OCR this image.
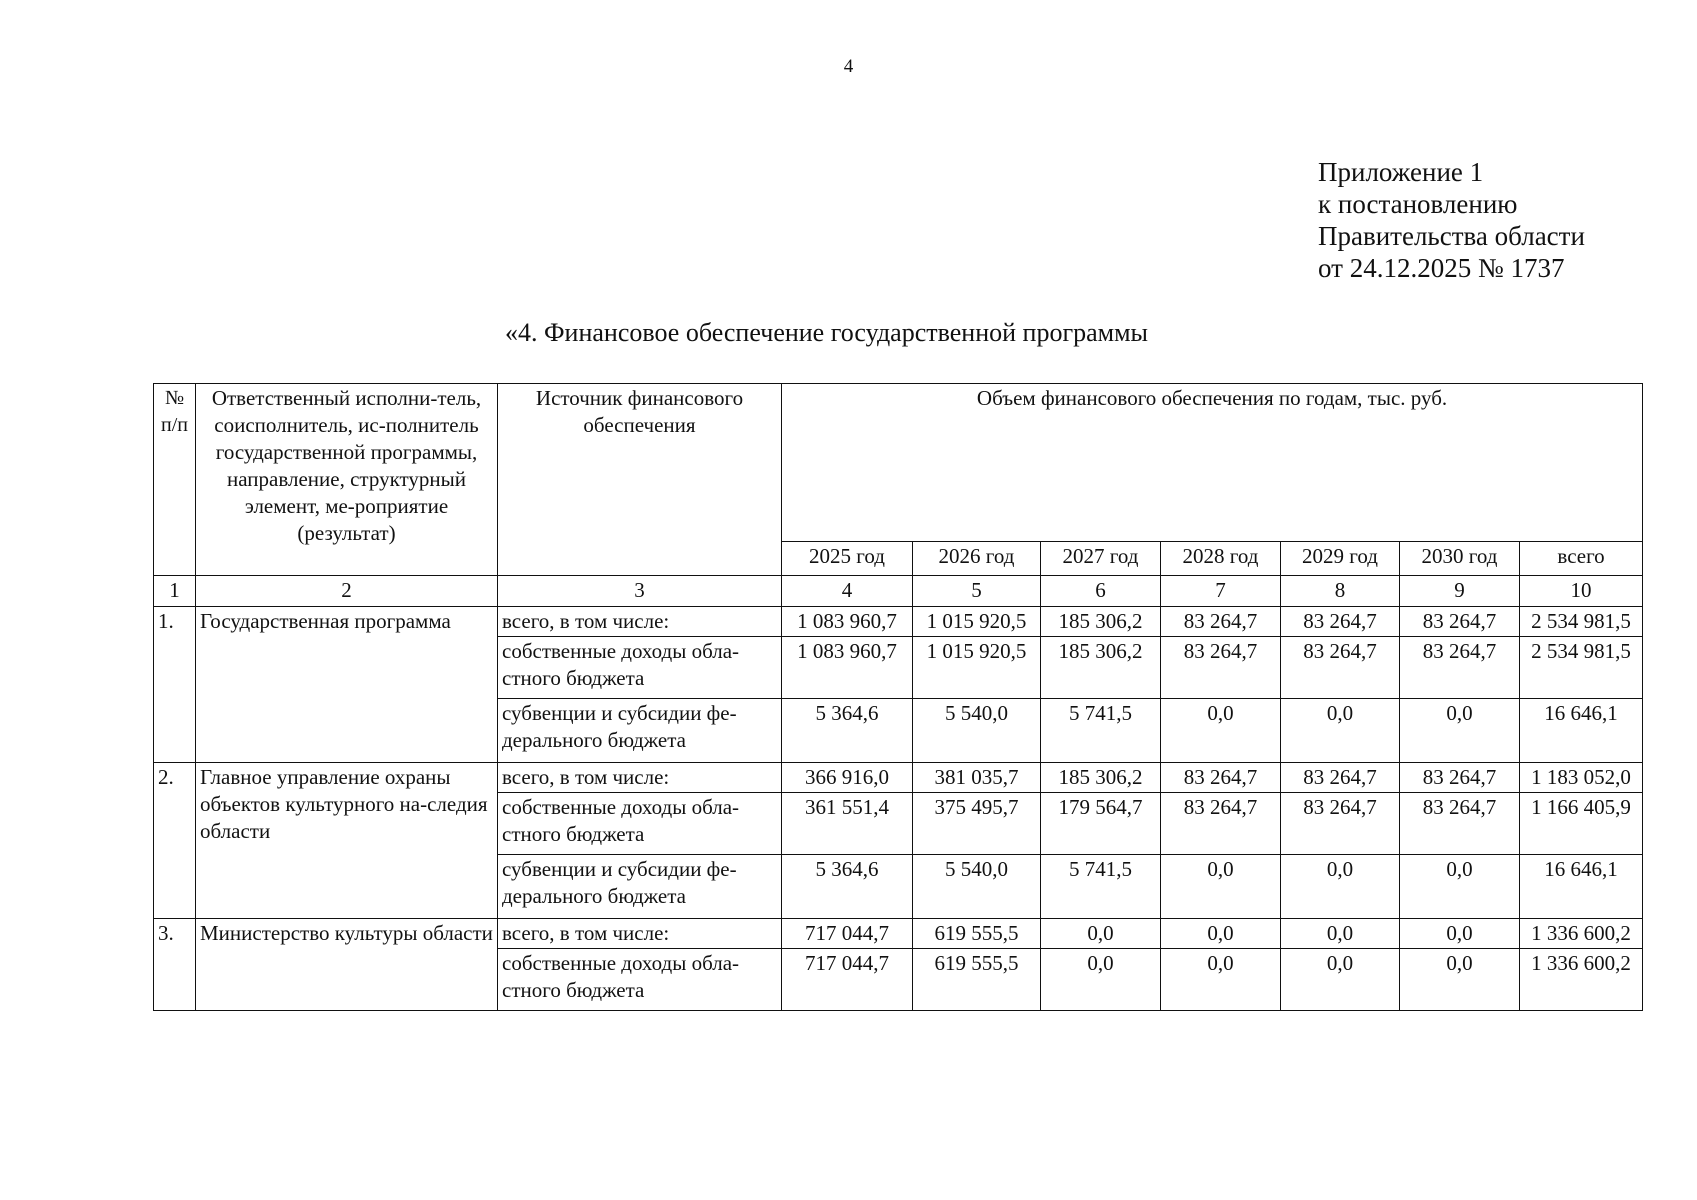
4
Приложение 1
к постановлению
Правительства области
от 24.12.2025 № 1737
«4. Финансовое обеспечение государственной программы
№ п/п	Ответственный исполни-тель, соисполнитель, ис-полнитель государственной программы, направление, структурный элемент, ме-роприятие (результат)	Источник финансового обеспечения	Объем финансового обеспечения по годам, тыс. руб.						
			2025 год	2026 год	2027 год	2028 год	2029 год	2030 год	всего
1	2	3	4	5	6	7	8	9	10
1.	Государственная программа	всего, в том числе:	1 083 960,7	1 015 920,5	185 306,2	83 264,7	83 264,7	83 264,7	2 534 981,5
		собственные доходы обла-стного бюджета	1 083 960,7	1 015 920,5	185 306,2	83 264,7	83 264,7	83 264,7	2 534 981,5
		субвенции и субсидии фе-дерального бюджета	5 364,6	5 540,0	5 741,5	0,0	0,0	0,0	16 646,1
2.	Главное управление охраны объектов культурного на-следия области	всего, в том числе:	366 916,0	381 035,7	185 306,2	83 264,7	83 264,7	83 264,7	1 183 052,0
		собственные доходы обла-стного бюджета	361 551,4	375 495,7	179 564,7	83 264,7	83 264,7	83 264,7	1 166 405,9
		субвенции и субсидии фе-дерального бюджета	5 364,6	5 540,0	5 741,5	0,0	0,0	0,0	16 646,1
3.	Министерство культуры области	всего, в том числе:	717 044,7	619 555,5	0,0	0,0	0,0	0,0	1 336 600,2
		собственные доходы обла-стного бюджета	717 044,7	619 555,5	0,0	0,0	0,0	0,0	1 336 600,2
